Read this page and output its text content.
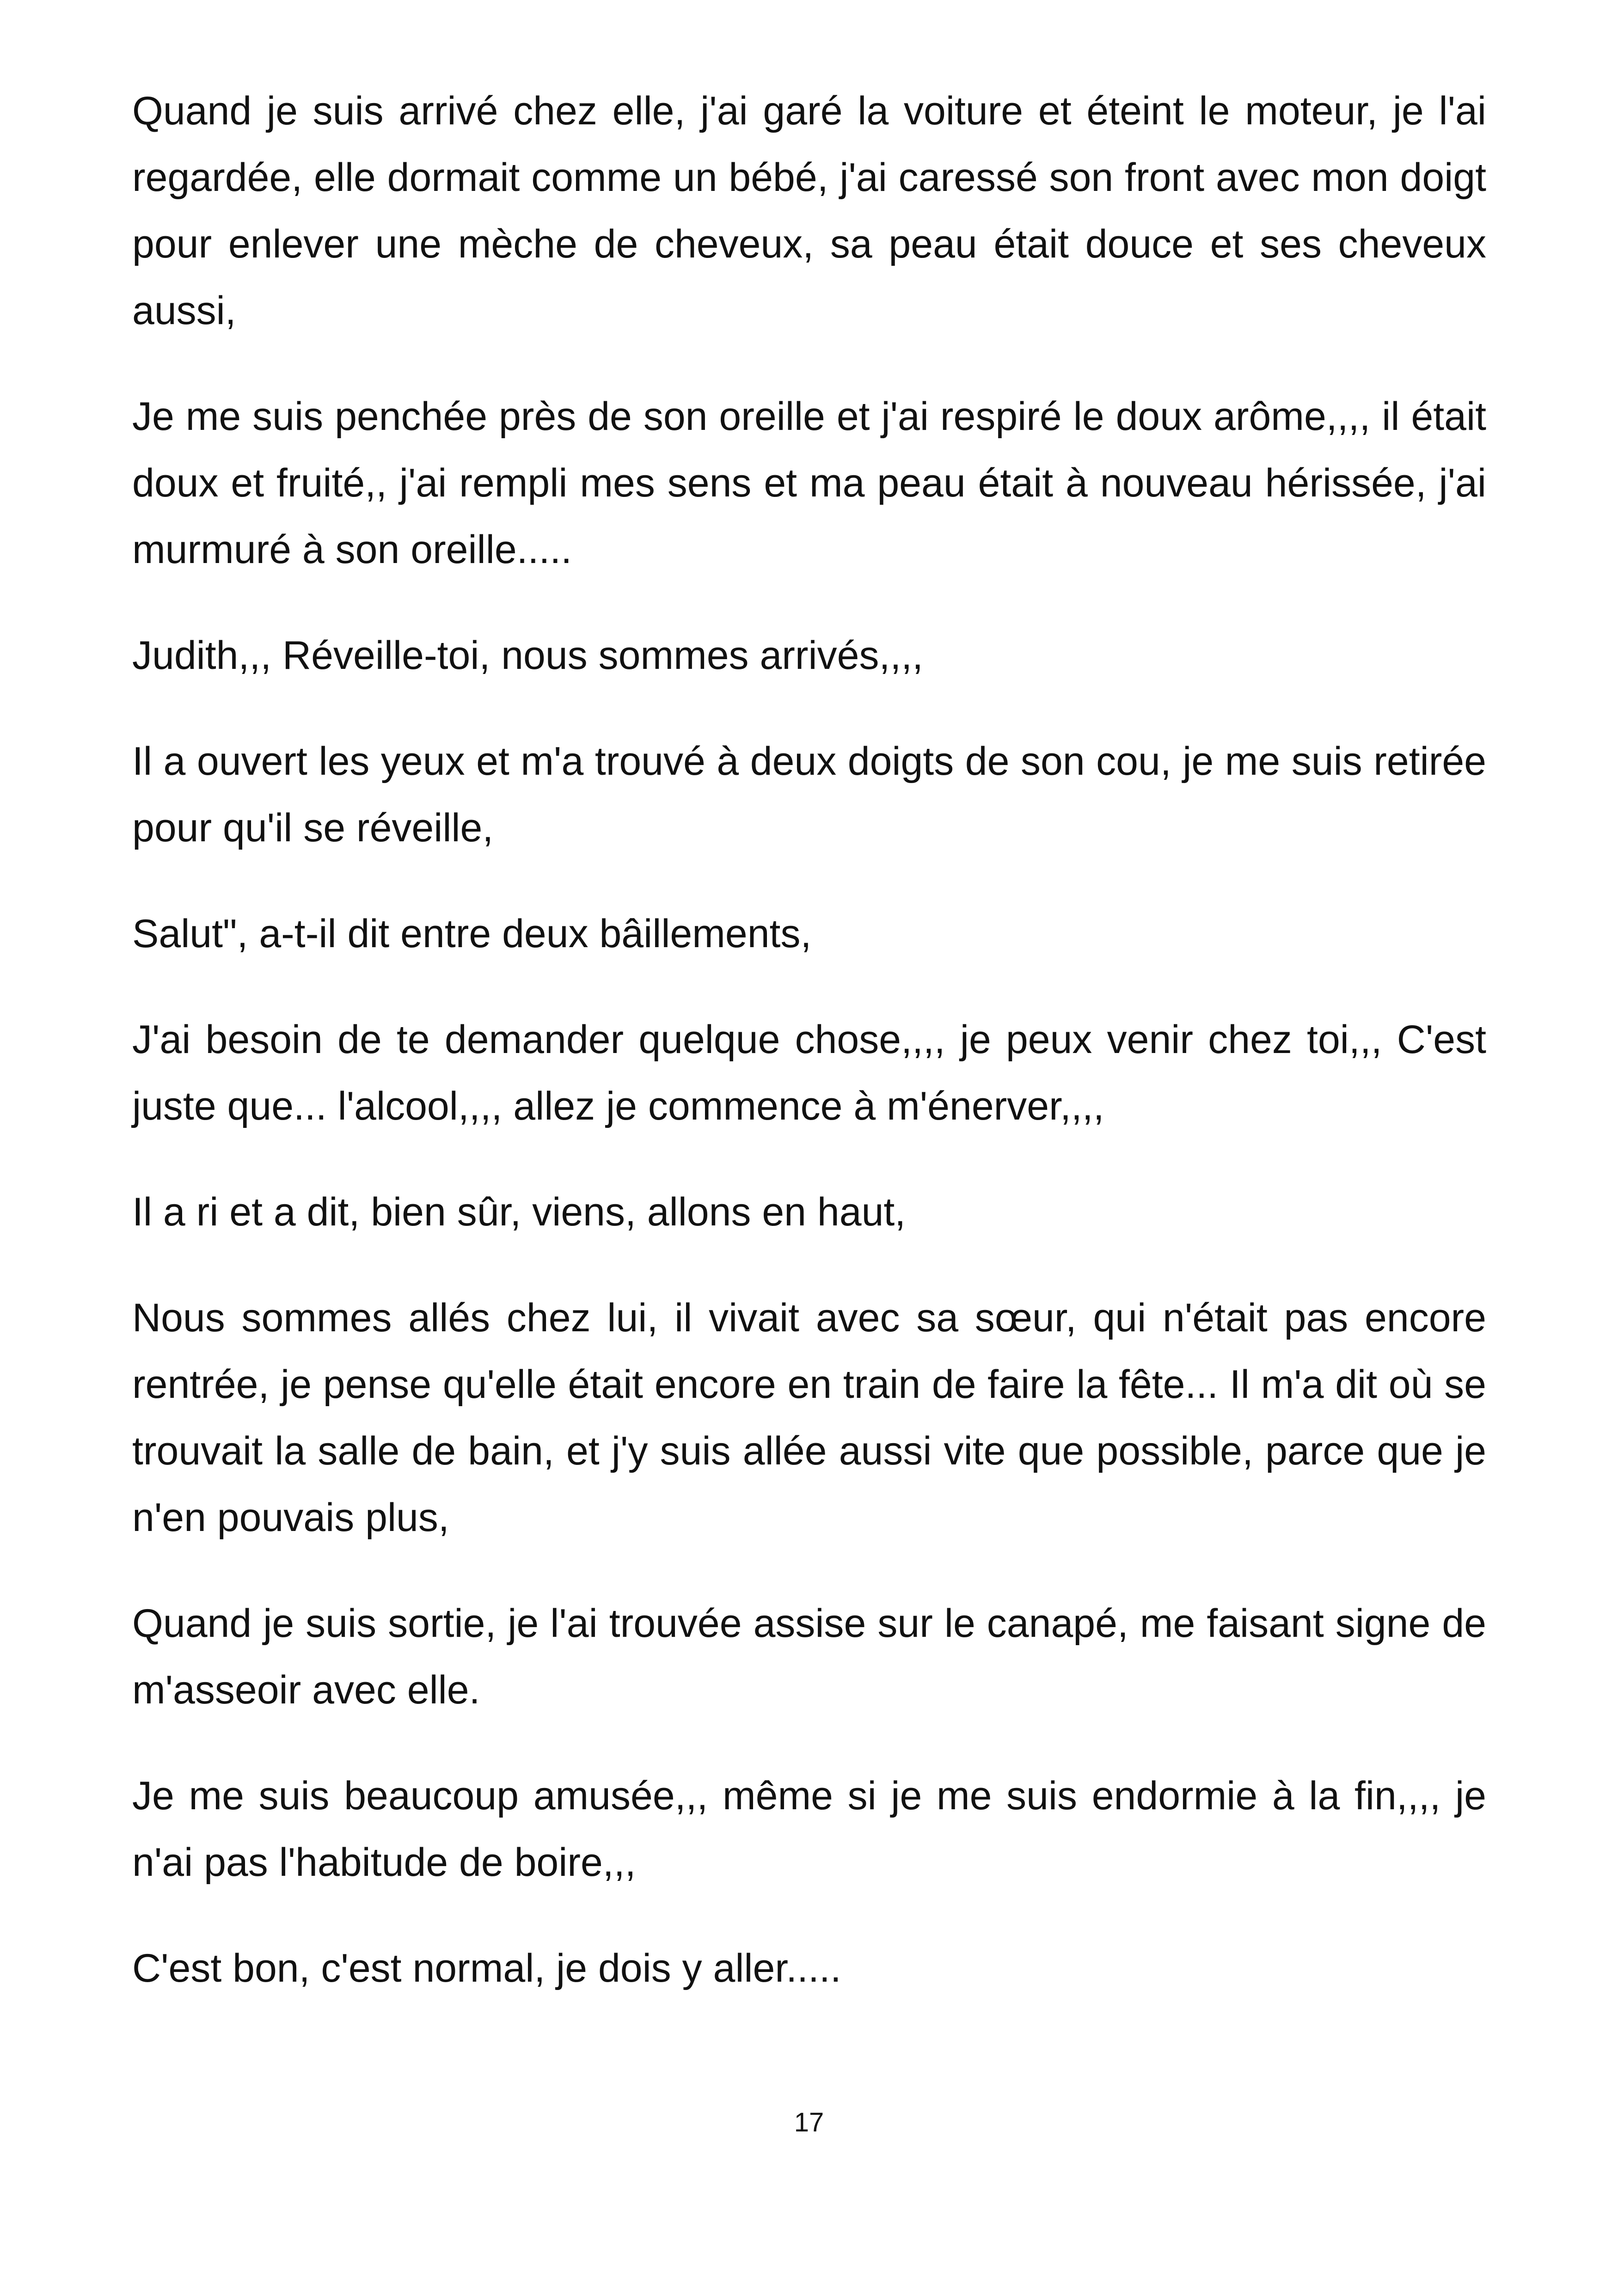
Quand je suis arrivé chez elle, j'ai garé la voiture et éteint le moteur, je l'ai regardée, elle dormait comme un bébé, j'ai caressé son front avec mon doigt pour enlever une mèche de cheveux, sa peau était douce et ses cheveux aussi,

Je me suis penchée près de son oreille et j'ai respiré le doux arôme,,,, il était doux et fruité,, j'ai rempli mes sens et ma peau était à nouveau hérissée, j'ai murmuré à son oreille.....

Judith,,, Réveille-toi, nous sommes arrivés,,,,

Il a ouvert les yeux et m'a trouvé à deux doigts de son cou, je me suis retirée pour qu'il se réveille,

Salut", a-t-il dit entre deux bâillements,

J'ai besoin de te demander quelque chose,,,, je peux venir chez toi,,, C'est juste que... l'alcool,,,, allez je commence à m'énerver,,,,

Il a ri et a dit, bien sûr, viens, allons en haut,

Nous sommes allés chez lui, il vivait avec sa sœur, qui n'était pas encore rentrée, je pense qu'elle était encore en train de faire la fête... Il m'a dit où se trouvait la salle de bain, et j'y suis allée aussi vite que possible, parce que je n'en pouvais plus,

Quand je suis sortie, je l'ai trouvée assise sur le canapé, me faisant signe de m'asseoir avec elle.

Je me suis beaucoup amusée,,, même si je me suis endormie à la fin,,,, je n'ai pas l'habitude de boire,,,

C'est bon, c'est normal, je dois y aller.....

17
